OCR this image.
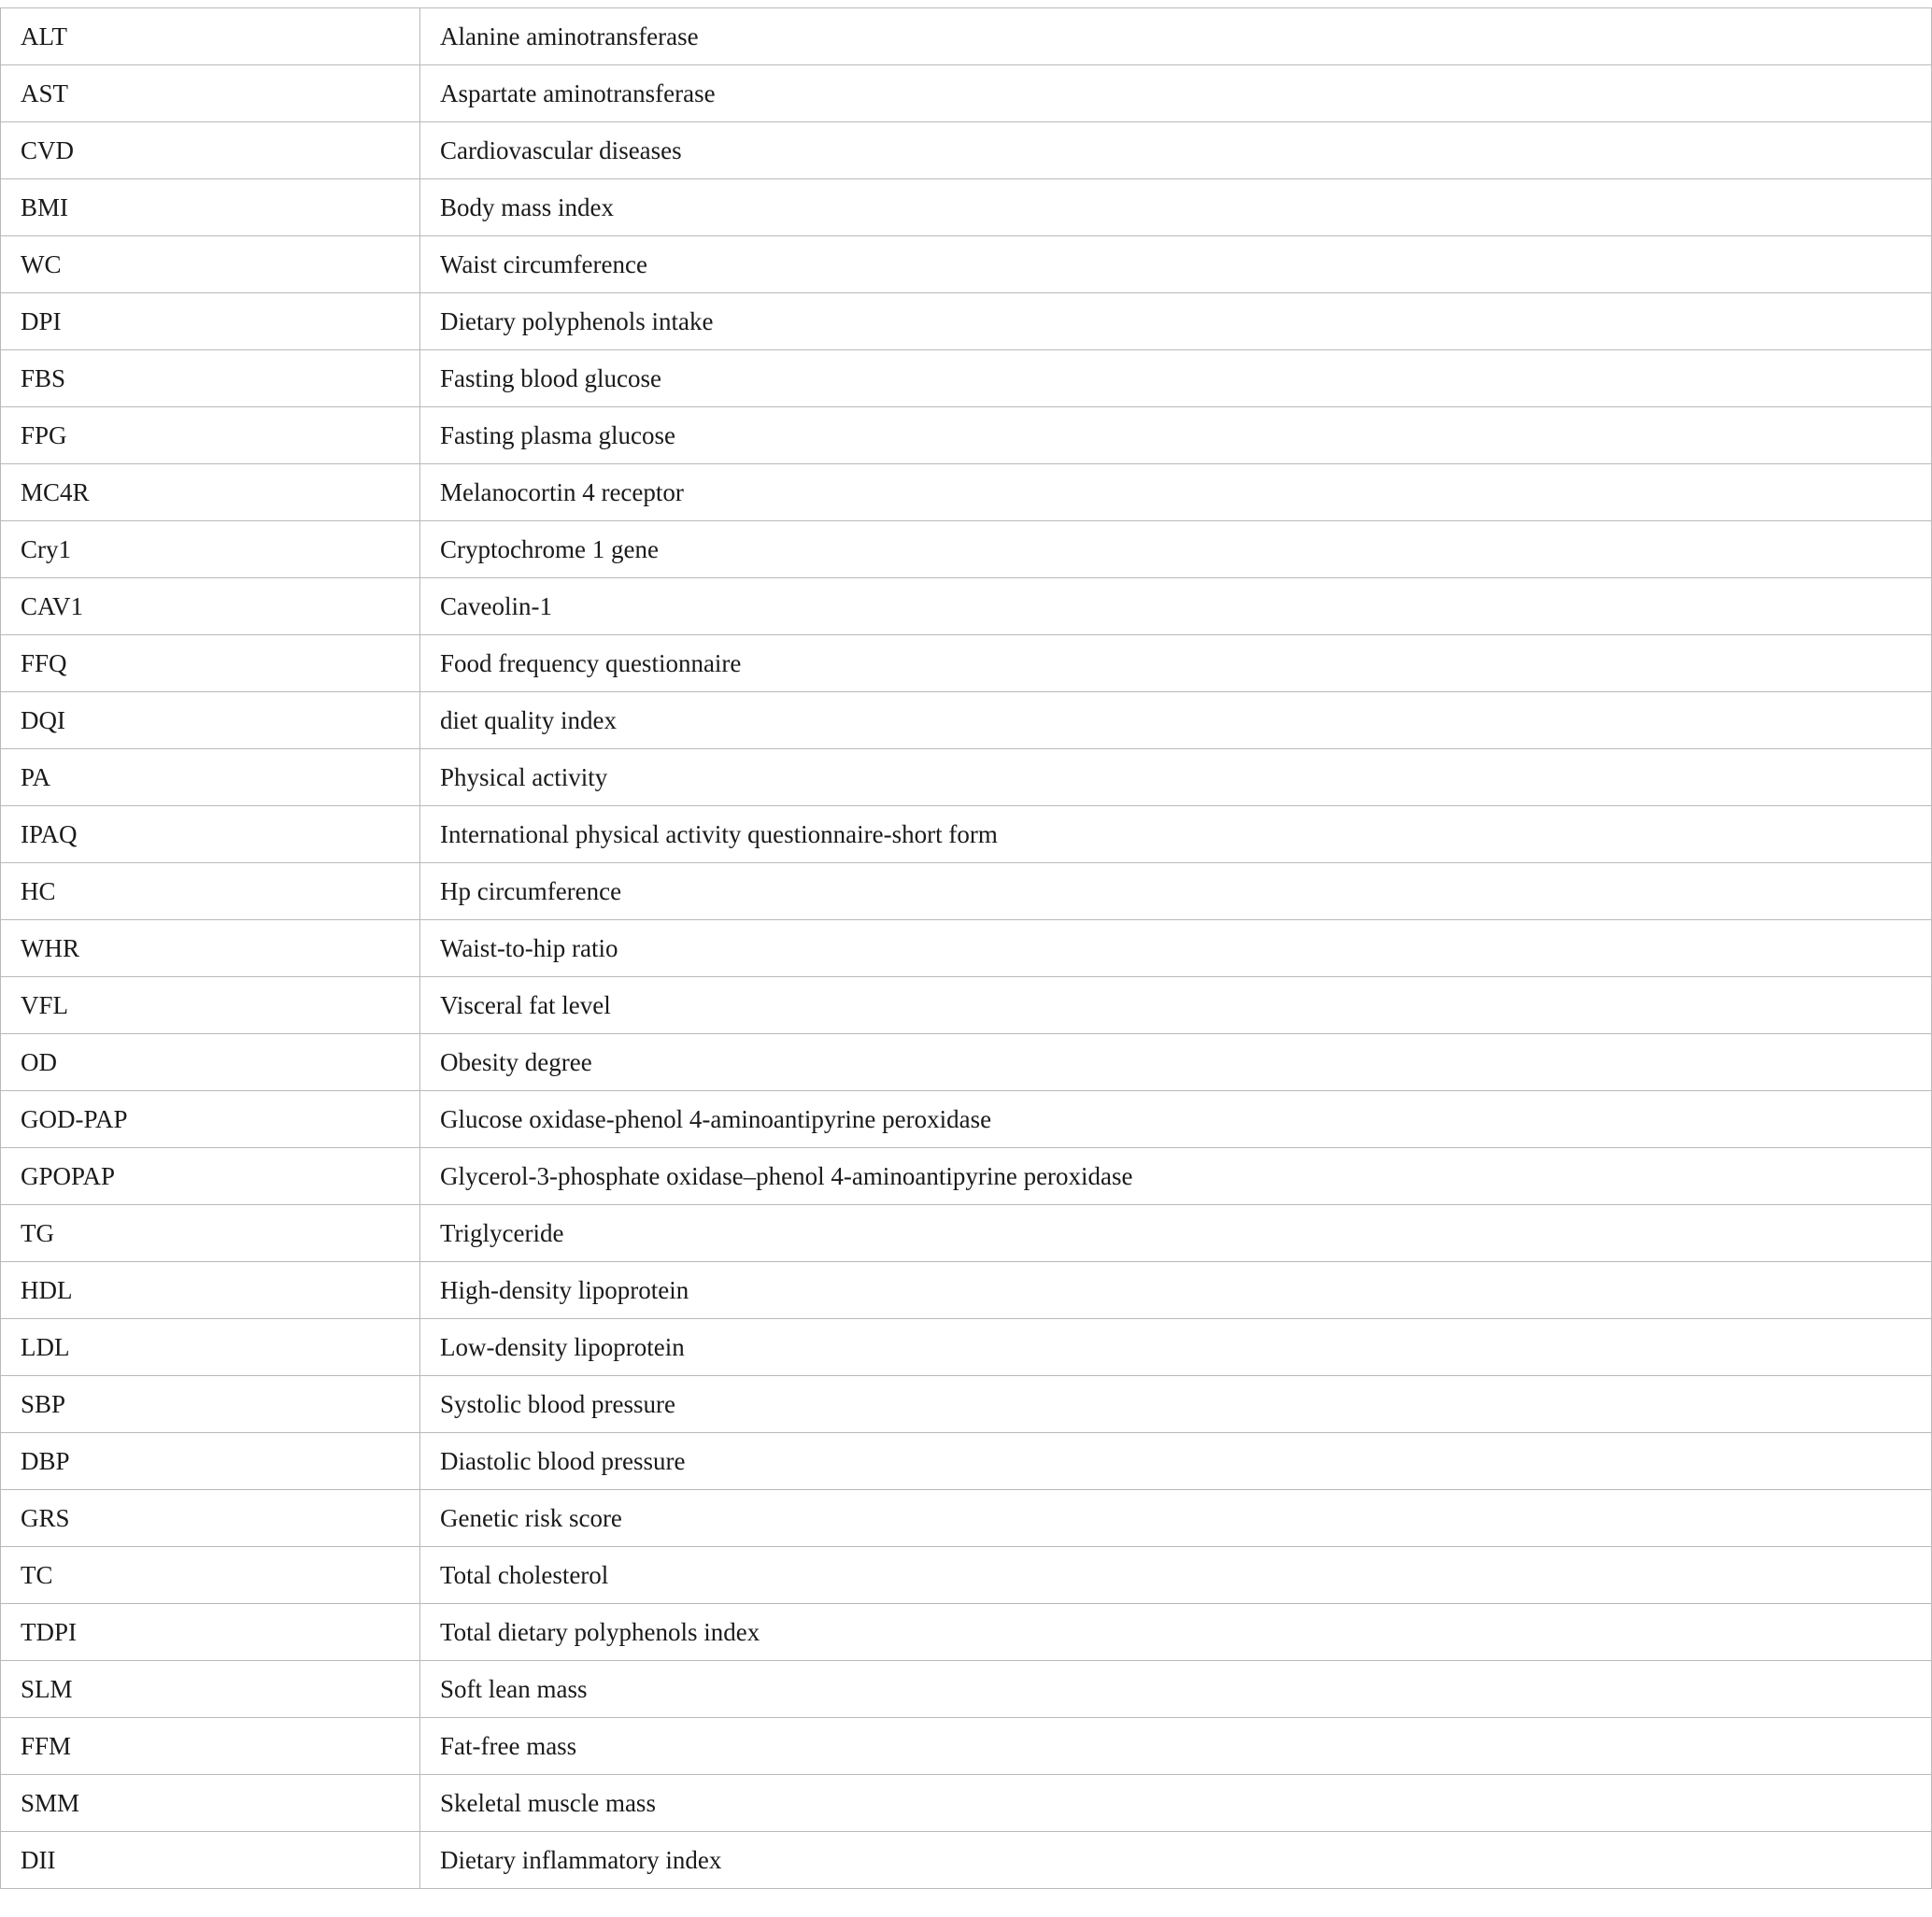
ALT	Alanine aminotransferase
AST	Aspartate aminotransferase
CVD	Cardiovascular diseases
BMI	Body mass index
WC	Waist circumference
DPI	Dietary polyphenols intake
FBS	Fasting blood glucose
FPG	Fasting plasma glucose
MC4R	Melanocortin 4 receptor
Cry1	Cryptochrome 1 gene
CAV1	Caveolin-1
FFQ	Food frequency questionnaire
DQI	diet quality index
PA	Physical activity
IPAQ	International physical activity questionnaire-short form
HC	Hp circumference
WHR	Waist-to-hip ratio
VFL	Visceral fat level
OD	Obesity degree
GOD-PAP	Glucose oxidase-phenol 4-aminoantipyrine peroxidase
GPOPAP	Glycerol-3-phosphate oxidase–phenol 4-aminoantipyrine peroxidase
TG	Triglyceride
HDL	High-density lipoprotein
LDL	Low-density lipoprotein
SBP	Systolic blood pressure
DBP	Diastolic blood pressure
GRS	Genetic risk score
TC	Total cholesterol
TDPI	Total dietary polyphenols index
SLM	Soft lean mass
FFM	Fat-free mass
SMM	Skeletal muscle mass
DII	Dietary inflammatory index
